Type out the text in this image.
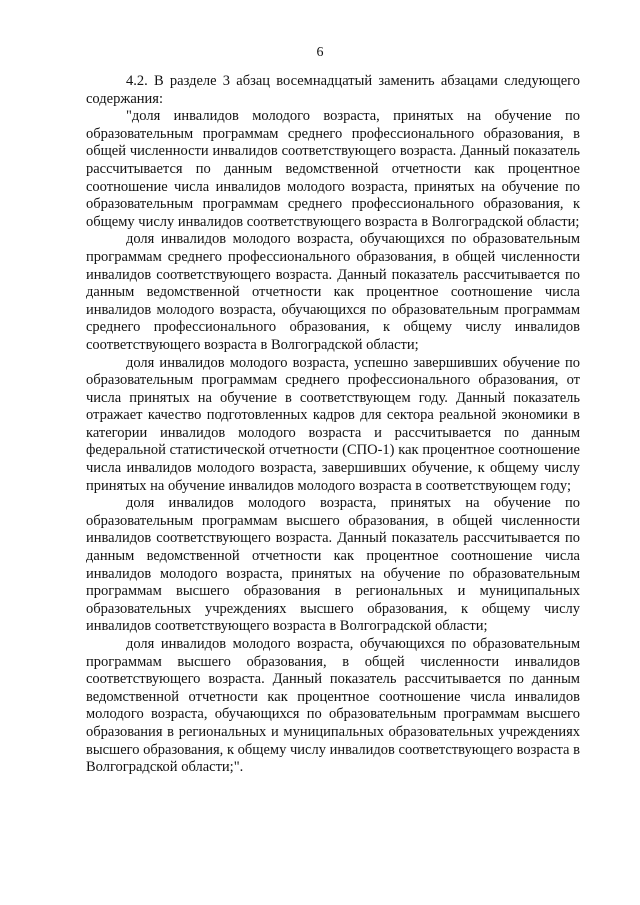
6

4.2. В разделе 3 абзац восемнадцатый заменить абзацами следующего содержания:

"доля инвалидов молодого возраста, принятых на обучение по образовательным программам среднего профессионального образования, в общей численности инвалидов соответствующего возраста. Данный показатель рассчитывается по данным ведомственной отчетности как процентное соотношение числа инвалидов молодого возраста, принятых на обучение по образовательным программам среднего профессионального образования, к общему числу инвалидов соответствующего возраста в Волгоградской области;

доля инвалидов молодого возраста, обучающихся по образовательным программам среднего профессионального образования, в общей численности инвалидов соответствующего возраста. Данный показатель рассчитывается по данным ведомственной отчетности как процентное соотношение числа инвалидов молодого возраста, обучающихся по образовательным программам среднего профессионального образования, к общему числу инвалидов соответствующего возраста в Волгоградской области;

доля инвалидов молодого возраста, успешно завершивших обучение по образовательным программам среднего профессионального образования, от числа принятых на обучение в соответствующем году. Данный показатель отражает качество подготовленных кадров для сектора реальной экономики в категории инвалидов молодого возраста и рассчитывается по данным федеральной статистической отчетности (СПО-1) как процентное соотношение числа инвалидов молодого возраста, завершивших обучение, к общему числу принятых на обучение инвалидов молодого возраста в соответствующем году;

доля инвалидов молодого возраста, принятых на обучение по образовательным программам высшего образования, в общей численности инвалидов соответствующего возраста. Данный показатель рассчитывается по данным ведомственной отчетности как процентное соотношение числа инвалидов молодого возраста, принятых на обучение по образовательным программам высшего образования в региональных и муниципальных образовательных учреждениях высшего образования, к общему числу инвалидов соответствующего возраста в Волгоградской области;

доля инвалидов молодого возраста, обучающихся по образовательным программам высшего образования, в общей численности инвалидов соответствующего возраста. Данный показатель рассчитывается по данным ведомственной отчетности как процентное соотношение числа инвалидов молодого возраста, обучающихся по образовательным программам высшего образования в региональных и муниципальных образовательных учреждениях высшего образования, к общему числу инвалидов соответствующего возраста в Волгоградской области;".
